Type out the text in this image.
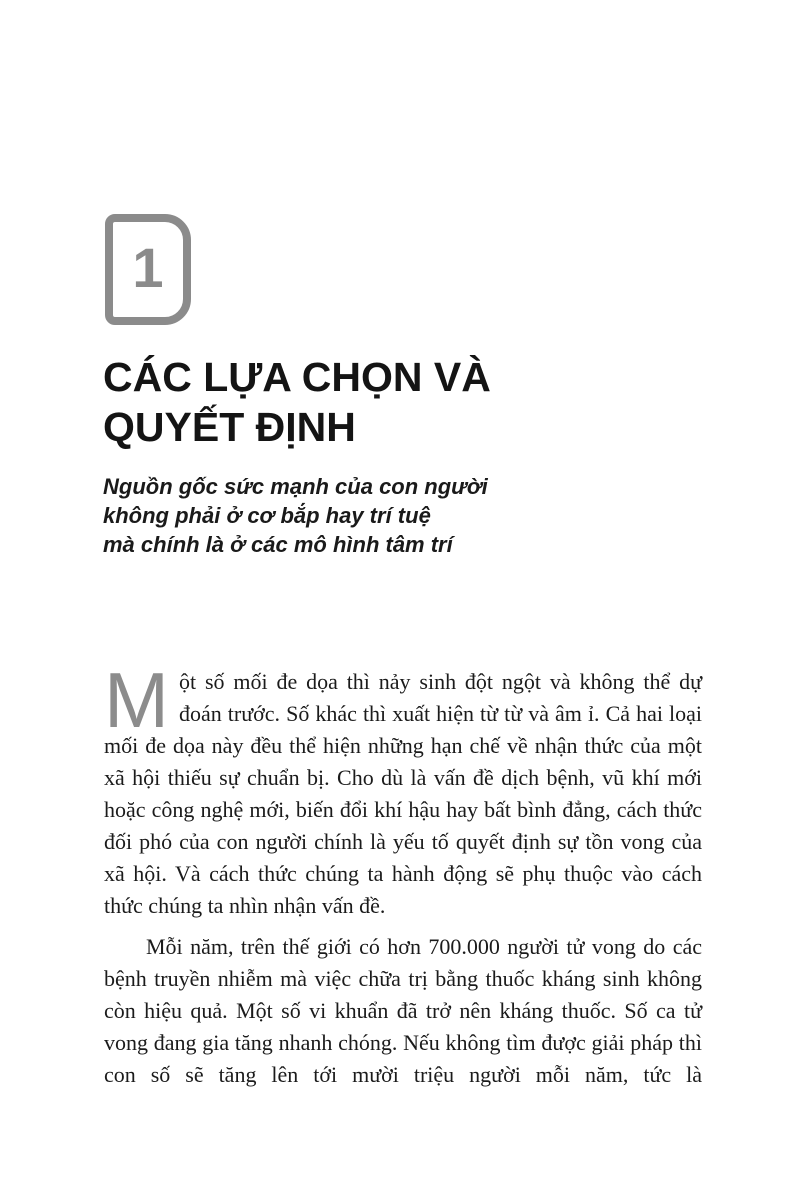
1
CÁC LỰA CHỌN VÀ
QUYẾT ĐỊNH
Nguồn gốc sức mạnh của con người
không phải ở cơ bắp hay trí tuệ
mà chính là ở các mô hình tâm trí

Một số mối đe dọa thì nảy sinh đột ngột và không thể dự đoán trước. Số khác thì xuất hiện từ từ và âm ỉ. Cả hai loại mối đe dọa này đều thể hiện những hạn chế về nhận thức của một xã hội thiếu sự chuẩn bị. Cho dù là vấn đề dịch bệnh, vũ khí mới hoặc công nghệ mới, biến đổi khí hậu hay bất bình đẳng, cách thức đối phó của con người chính là yếu tố quyết định sự tồn vong của xã hội. Và cách thức chúng ta hành động sẽ phụ thuộc vào cách thức chúng ta nhìn nhận vấn đề.

Mỗi năm, trên thế giới có hơn 700.000 người tử vong do các bệnh truyền nhiễm mà việc chữa trị bằng thuốc kháng sinh không còn hiệu quả. Một số vi khuẩn đã trở nên kháng thuốc. Số ca tử vong đang gia tăng nhanh chóng. Nếu không tìm được giải pháp thì con số sẽ tăng lên tới mười triệu người mỗi năm, tức là
